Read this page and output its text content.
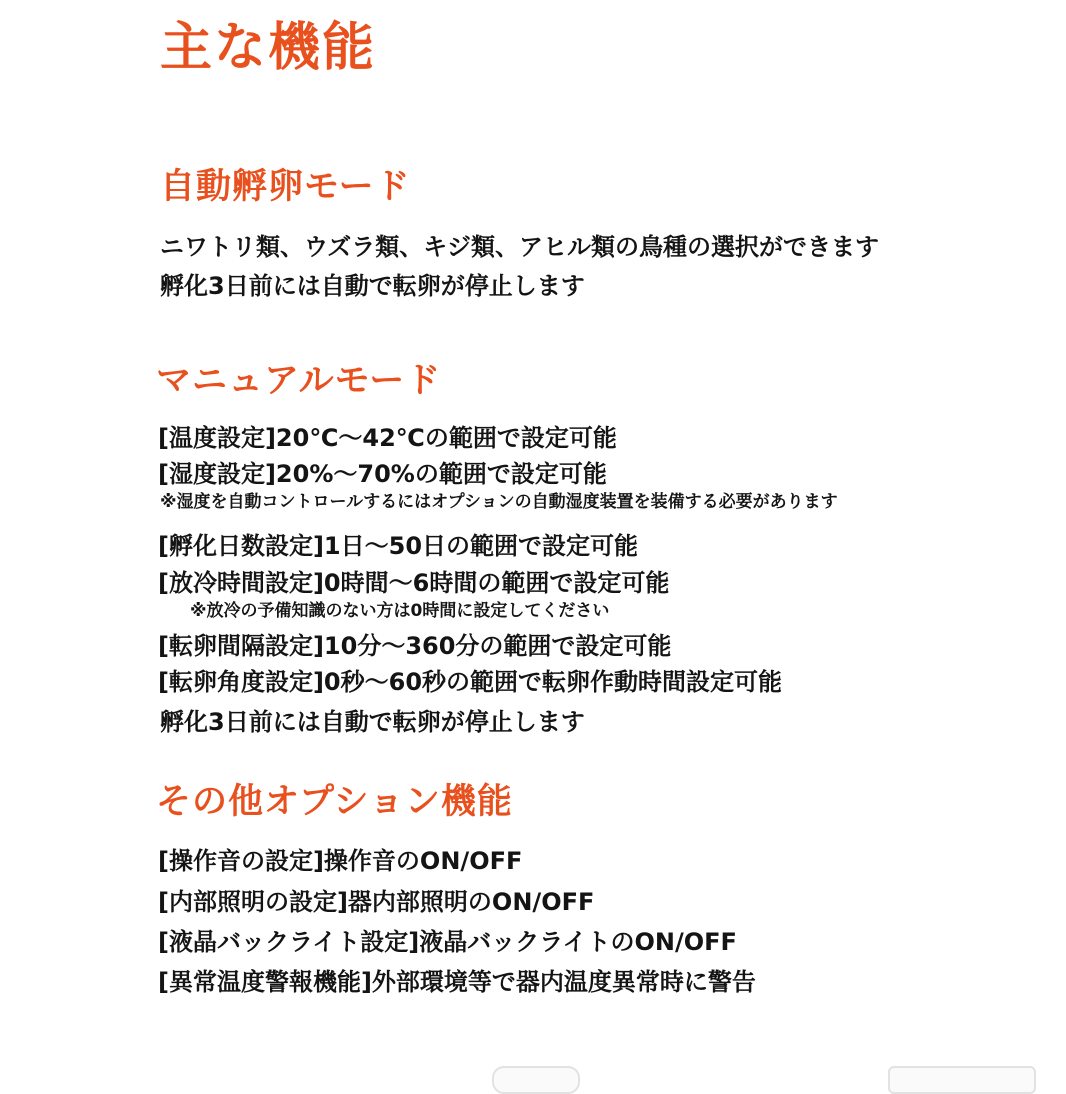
主な機能
自動孵卵モード
ニワトリ類、ウズラ類、キジ類、アヒル類の鳥種の選択ができます
孵化3日前には自動で転卵が停止します
マニュアルモード
[温度設定]20℃～42℃の範囲で設定可能
[湿度設定]20%～70%の範囲で設定可能
※湿度を自動コントロールするにはオプションの自動湿度装置を装備する必要があります
[孵化日数設定]1日～50日の範囲で設定可能
[放冷時間設定]0時間～6時間の範囲で設定可能
※放冷の予備知識のない方は0時間に設定してください
[転卵間隔設定]10分～360分の範囲で設定可能
[転卵角度設定]0秒～60秒の範囲で転卵作動時間設定可能
孵化3日前には自動で転卵が停止します
その他オプション機能
[操作音の設定]操作音のON/OFF
[内部照明の設定]器内部照明のON/OFF
[液晶バックライト設定]液晶バックライトのON/OFF
[異常温度警報機能]外部環境等で器内温度異常時に警告
